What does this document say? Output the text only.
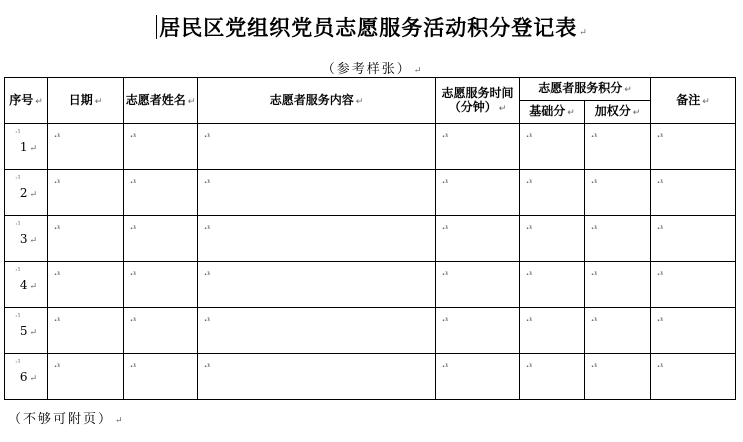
居民区党组织党员志愿服务活动积分登记表 ↵
（参考样张） ↵
序号 ↵	日期 ↵	志愿者姓名 ↵	志愿者服务内容 ↵	志愿服务时间（分钟） ↵	志愿者服务积分 ↵		备注 ↵
					基础分 ↵	加权分 ↵	

·¹
1 ↵	$_{\cdot^1}$	$_{\cdot^1}$	$_{\cdot^1}$	$_{\cdot^1}$	$_{\cdot^1}$	$_{\cdot^1}$	$_{\cdot^1}$

·¹
2 ↵	$_{\cdot^1}$	$_{\cdot^1}$	$_{\cdot^1}$	$_{\cdot^1}$	$_{\cdot^1}$	$_{\cdot^1}$	$_{\cdot^1}$

·¹
3 ↵	$_{\cdot^1}$	$_{\cdot^1}$	$_{\cdot^1}$	$_{\cdot^1}$	$_{\cdot^1}$	$_{\cdot^1}$	$_{\cdot^1}$

·¹
4 ↵	$_{\cdot^1}$	$_{\cdot^1}$	$_{\cdot^1}$	$_{\cdot^1}$	$_{\cdot^1}$	$_{\cdot^1}$	$_{\cdot^1}$

·¹
5 ↵	$_{\cdot^1}$	$_{\cdot^1}$	$_{\cdot^1}$	$_{\cdot^1}$	$_{\cdot^1}$	$_{\cdot^1}$	$_{\cdot^1}$

·¹
6 ↵	$_{\cdot^1}$	$_{\cdot^1}$	$_{\cdot^1}$	$_{\cdot^1}$	$_{\cdot^1}$	$_{\cdot^1}$	$_{\cdot^1}$
（不够可附页） ↵
